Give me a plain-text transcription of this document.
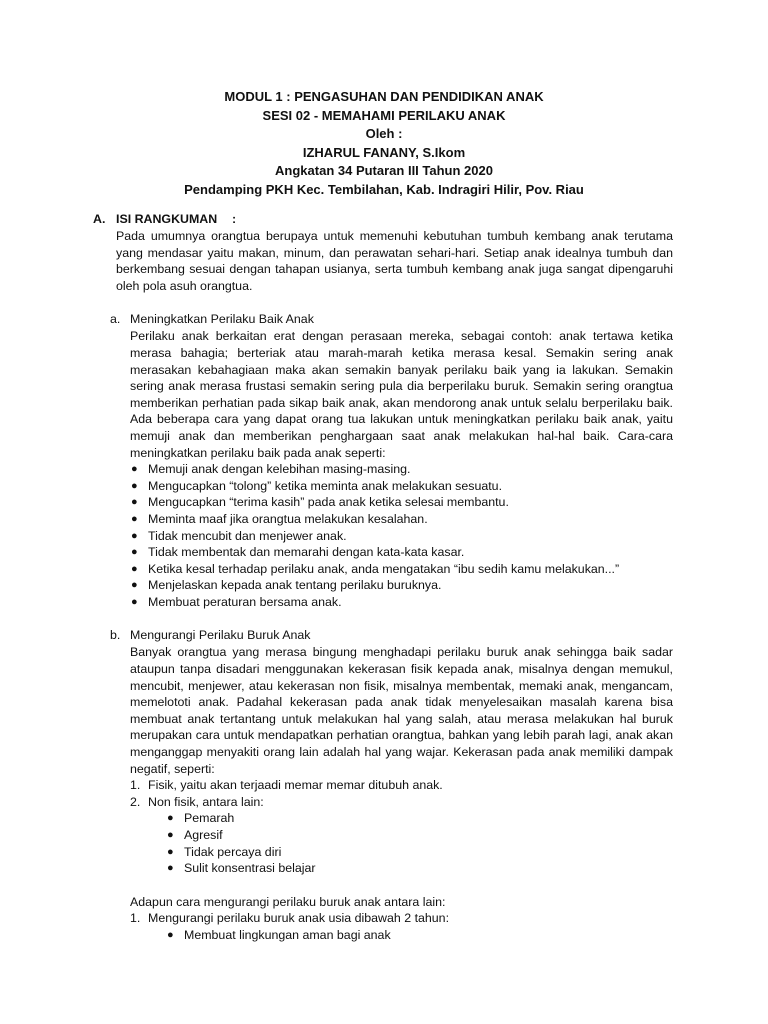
MODUL 1 : PENGASUHAN DAN PENDIDIKAN ANAK
SESI 02 - MEMAHAMI PERILAKU ANAK
Oleh :
IZHARUL FANANY, S.Ikom
Angkatan 34 Putaran III Tahun 2020
Pendamping PKH Kec. Tembilahan, Kab. Indragiri Hilir, Pov. Riau
A. ISI RANGKUMAN :
Pada umumnya orangtua berupaya untuk memenuhi kebutuhan tumbuh kembang anak terutama yang mendasar yaitu makan, minum, dan perawatan sehari-hari. Setiap anak idealnya tumbuh dan berkembang sesuai dengan tahapan usianya, serta tumbuh kembang anak juga sangat dipengaruhi oleh pola asuh orangtua.
a. Meningkatkan Perilaku Baik Anak
Perilaku anak berkaitan erat dengan perasaan mereka, sebagai contoh: anak tertawa ketika merasa bahagia; berteriak atau marah-marah ketika merasa kesal. Semakin sering anak merasakan kebahagiaan maka akan semakin banyak perilaku baik yang ia lakukan. Semakin sering anak merasa frustasi semakin sering pula dia berperilaku buruk. Semakin sering orangtua memberikan perhatian pada sikap baik anak, akan mendorong anak untuk selalu berperilaku baik. Ada beberapa cara yang dapat orang tua lakukan untuk meningkatkan perilaku baik anak, yaitu memuji anak dan memberikan penghargaan saat anak melakukan hal-hal baik. Cara-cara meningkatkan perilaku baik pada anak seperti:
● Memuji anak dengan kelebihan masing-masing.
● Mengucapkan “tolong” ketika meminta anak melakukan sesuatu.
● Mengucapkan “terima kasih” pada anak ketika selesai membantu.
● Meminta maaf jika orangtua melakukan kesalahan.
● Tidak mencubit dan menjewer anak.
● Tidak membentak dan memarahi dengan kata-kata kasar.
● Ketika kesal terhadap perilaku anak, anda mengatakan “ibu sedih kamu melakukan...”
● Menjelaskan kepada anak tentang perilaku buruknya.
● Membuat peraturan bersama anak.
b. Mengurangi Perilaku Buruk Anak
Banyak orangtua yang merasa bingung menghadapi perilaku buruk anak sehingga baik sadar ataupun tanpa disadari menggunakan kekerasan fisik kepada anak, misalnya dengan memukul, mencubit, menjewer, atau kekerasan non fisik, misalnya membentak, memaki anak, mengancam, memelototi anak. Padahal kekerasan pada anak tidak menyelesaikan masalah karena bisa membuat anak tertantang untuk melakukan hal yang salah, atau merasa melakukan hal buruk merupakan cara untuk mendapatkan perhatian orangtua, bahkan yang lebih parah lagi, anak akan menganggap menyakiti orang lain adalah hal yang wajar. Kekerasan pada anak memiliki dampak negatif, seperti:
1. Fisik, yaitu akan terjaadi memar memar ditubuh anak.
2. Non fisik, antara lain:
● Pemarah
● Agresif
● Tidak percaya diri
● Sulit konsentrasi belajar
Adapun cara mengurangi perilaku buruk anak antara lain:
1. Mengurangi perilaku buruk anak usia dibawah 2 tahun:
● Membuat lingkungan aman bagi anak
